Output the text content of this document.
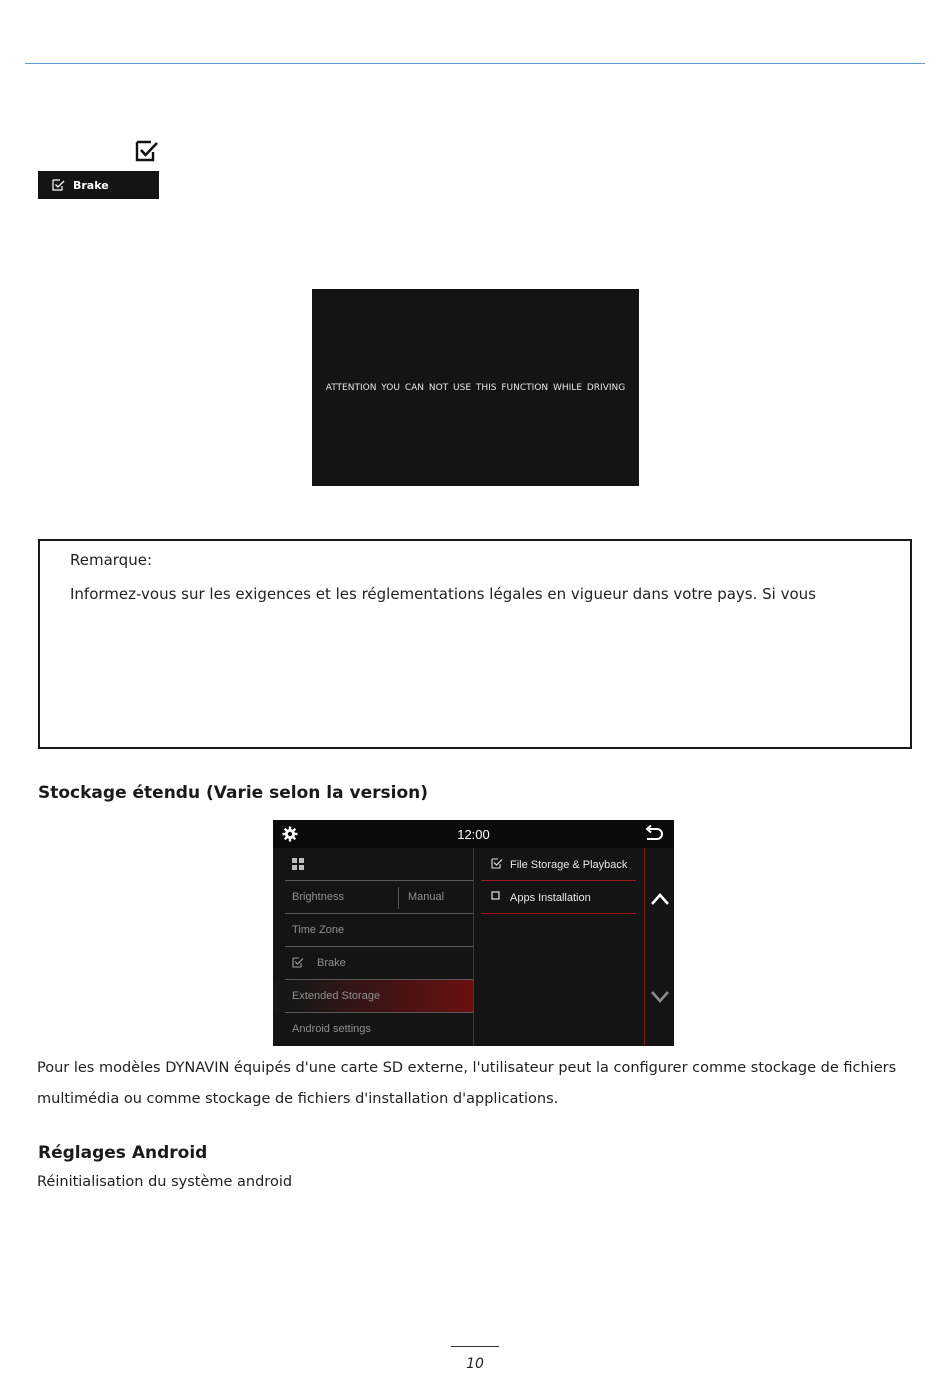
Brake
ATTENTION YOU CAN NOT USE THIS FUNCTION WHILE DRIVING
Remarque:
Informez-vous sur les exigences et les réglementations légales en vigueur dans votre pays. Si vous
Stockage étendu (Varie selon la version)
12:00
Brightness	Manual
Time Zone
Brake
Extended Storage
Android settings
File Storage & Playback
Apps Installation
Pour les modèles DYNAVIN équipés d'une carte SD externe, l'utilisateur peut la configurer comme stockage de fichiers
multimédia ou comme stockage de fichiers d'installation d'applications.
Réglages Android
Réinitialisation du système android
10
